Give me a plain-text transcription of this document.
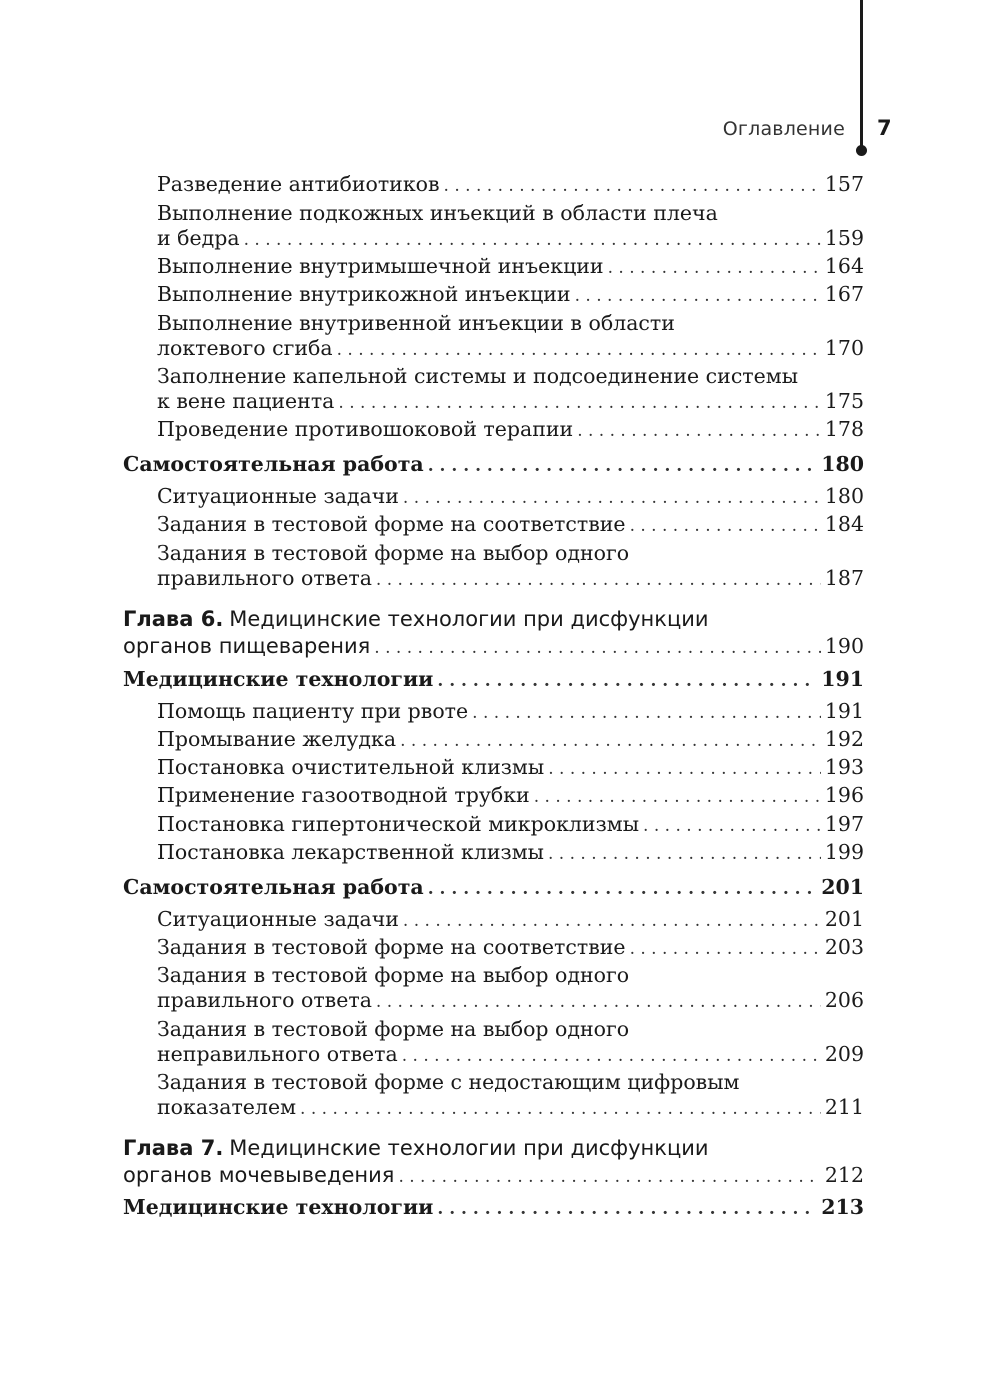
Оглавление 7
Разведение антибиотиков . . .	157
Выполнение подкожных инъекций в области плеча
и бедра . . .	159
Выполнение внутримышечной инъекции . . .	164
Выполнение внутрикожной инъекции . . .	167
Выполнение внутривенной инъекции в области
локтевого сгиба . . .	170
Заполнение капельной системы и подсоединение системы
к вене пациента . . .	175
Проведение противошоковой терапии . . .	178
Самостоятельная работа . . .	180
Ситуационные задачи . . .	180
Задания в тестовой форме на соответствие . . .	184
Задания в тестовой форме на выбор одного
правильного ответа . . .	187
Глава 6. Медицинские технологии при дисфункции
органов пищеварения . . .	190
Медицинские технологии . . .	191
Помощь пациенту при рвоте . . .	191
Промывание желудка . . .	192
Постановка очистительной клизмы . . .	193
Применение газоотводной трубки . . .	196
Постановка гипертонической микроклизмы . . .	197
Постановка лекарственной клизмы . . .	199
Самостоятельная работа . . .	201
Ситуационные задачи . . .	201
Задания в тестовой форме на соответствие . . .	203
Задания в тестовой форме на выбор одного
правильного ответа . . .	206
Задания в тестовой форме на выбор одного
неправильного ответа . . .	209
Задания в тестовой форме с недостающим цифровым
показателем . . .	211
Глава 7. Медицинские технологии при дисфункции
органов мочевыведения . . .	212
Медицинские технологии . . .	213
